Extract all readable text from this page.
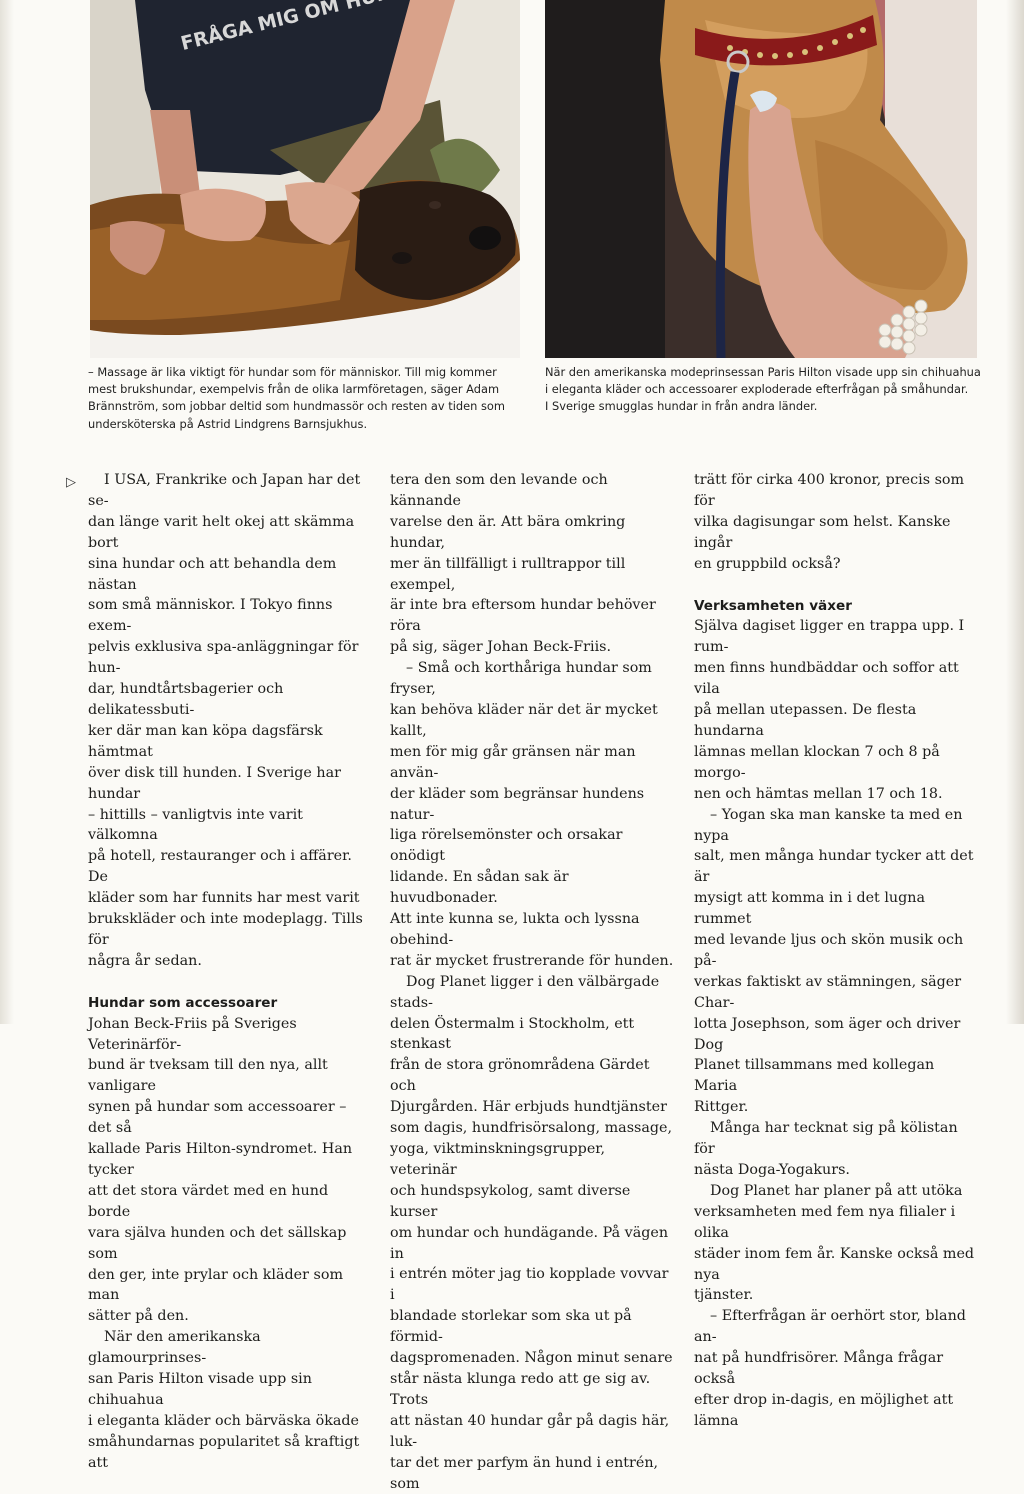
FRÅGA MIG OM

– Massage är lika viktigt för hundar som för människor. Till mig kommer

mest brukshundar, exempelvis från de olika larmföretagen, säger Adam

Brännström, som jobbar deltid som hundmassör och resten av tiden som

undersköterska på Astrid Lindgrens Barnsjukhus.

När den amerikanska modeprinsessan Paris Hilton visade upp sin chihuahua

i eleganta kläder och accessoarer exploderade efterfrågan på småhundar.

I Sverige smugglas hundar in från andra länder.

▷	I USA, Frankrike och Japan har det se-

dan länge varit helt okej att skämma bort

sina hundar och att behandla dem nästan

som små människor. I Tokyo finns exem-

pelvis exklusiva spa-anläggningar för hun-

dar, hundtårtsbagerier och delikatessbuti-

ker där man kan köpa dagsfärsk hämtmat

över disk till hunden. I Sverige har hundar

– hittills – vanligtvis inte varit välkomna

på hotell, restauranger och i affärer. De

kläder som har funnits har mest varit

brukskläder och inte modeplagg. Tills för

några år sedan.

Hundar som accessoarer

Johan Beck-Friis på Sveriges Veterinärför-

bund är tveksam till den nya, allt vanligare

synen på hundar som accessoarer – det så

kallade Paris Hilton-syndromet. Han tycker

att det stora värdet med en hund borde

vara själva hunden och det sällskap som

den ger, inte prylar och kläder som man

sätter på den.

När den amerikanska glamourprinses-

san Paris Hilton visade upp sin chihuahua

i eleganta kläder och bärväska ökade

småhundarnas popularitet så kraftigt att

tera den som den levande och kännande

varelse den är. Att bära omkring hundar,

mer än tillfälligt i rulltrappor till exempel,

är inte bra eftersom hundar behöver röra

på sig, säger Johan Beck-Friis.

– Små och korthåriga hundar som fryser,

kan behöva kläder när det är mycket kallt,

men för mig går gränsen när man använ-

der kläder som begränsar hundens natur-

liga rörelsemönster och orsakar onödigt

lidande. En sådan sak är huvudbonader.

Att inte kunna se, lukta och lyssna obehind-

rat är mycket frustrerande för hunden.

Dog Planet ligger i den välbärgade stads-

delen Östermalm i Stockholm, ett stenkast

från de stora grönområdena Gärdet och

Djurgården. Här erbjuds hundtjänster

som dagis, hundfrisörsalong, massage,

yoga, viktminskningsgrupper, veterinär

och hundspsykolog, samt diverse kurser

om hundar och hundägande. På vägen in

i entrén möter jag tio kopplade vovvar i

blandade storlekar som ska ut på förmid-

dagspromenaden. Någon minut senare

står nästa klunga redo att ge sig av. Trots

att nästan 40 hundar går på dagis här, luk-

tar det mer parfym än hund i entrén, som

trätt för cirka 400 kronor, precis som för

vilka dagisungar som helst. Kanske ingår

en gruppbild också?

Verksamheten växer

Själva dagiset ligger en trappa upp. I rum-

men finns hundbäddar och soffor att vila

på mellan utepassen. De flesta hundarna

lämnas mellan klockan 7 och 8 på morgo-

nen och hämtas mellan 17 och 18.

– Yogan ska man kanske ta med en nypa

salt, men många hundar tycker att det är

mysigt att komma in i det lugna rummet

med levande ljus och skön musik och på-

verkas faktiskt av stämningen, säger Char-

lotta Josephson, som äger och driver Dog

Planet tillsammans med kollegan Maria

Rittger.

Många har tecknat sig på kölistan för

nästa Doga-Yogakurs.

Dog Planet har planer på att utöka

verksamheten med fem nya filialer i olika

städer inom fem år. Kanske också med nya

tjänster.

– Efterfrågan är oerhört stor, bland an-

nat på hundfrisörer. Många frågar också

efter drop in-dagis, en möjlighet att lämna
